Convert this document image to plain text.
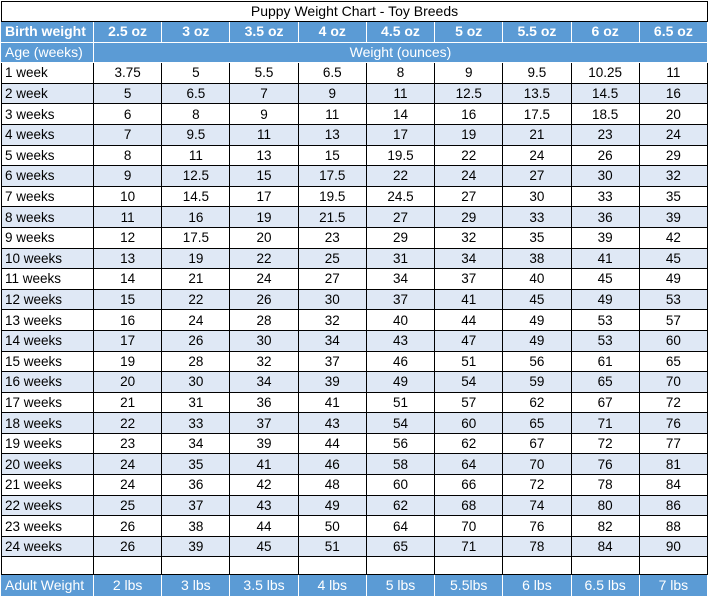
Puppy Weight Chart - Toy Breeds									
Birth weight	2.5 oz	3 oz	3.5 oz	4 oz	4.5 oz	5 oz	5.5 oz	6 oz	6.5 oz
Age (weeks)	Weight (ounces)								
1 week	3.75	5	5.5	6.5	8	9	9.5	10.25	11
2 week	5	6.5	7	9	11	12.5	13.5	14.5	16
3 weeks	6	8	9	11	14	16	17.5	18.5	20
4 weeks	7	9.5	11	13	17	19	21	23	24
5 weeks	8	11	13	15	19.5	22	24	26	29
6 weeks	9	12.5	15	17.5	22	24	27	30	32
7 weeks	10	14.5	17	19.5	24.5	27	30	33	35
8 weeks	11	16	19	21.5	27	29	33	36	39
9 weeks	12	17.5	20	23	29	32	35	39	42
10 weeks	13	19	22	25	31	34	38	41	45
11 weeks	14	21	24	27	34	37	40	45	49
12 weeks	15	22	26	30	37	41	45	49	53
13 weeks	16	24	28	32	40	44	49	53	57
14 weeks	17	26	30	34	43	47	49	53	60
15 weeks	19	28	32	37	46	51	56	61	65
16 weeks	20	30	34	39	49	54	59	65	70
17 weeks	21	31	36	41	51	57	62	67	72
18 weeks	22	33	37	43	54	60	65	71	76
19 weeks	23	34	39	44	56	62	67	72	77
20 weeks	24	35	41	46	58	64	70	76	81
21 weeks	24	36	42	48	60	66	72	78	84
22 weeks	25	37	43	49	62	68	74	80	86
23 weeks	26	38	44	50	64	70	76	82	88
24 weeks	26	39	45	51	65	71	78	84	90

Adult Weight	2 lbs	3 lbs	3.5 lbs	4 lbs	5 lbs	5.5lbs	6 lbs	6.5 lbs	7 lbs
